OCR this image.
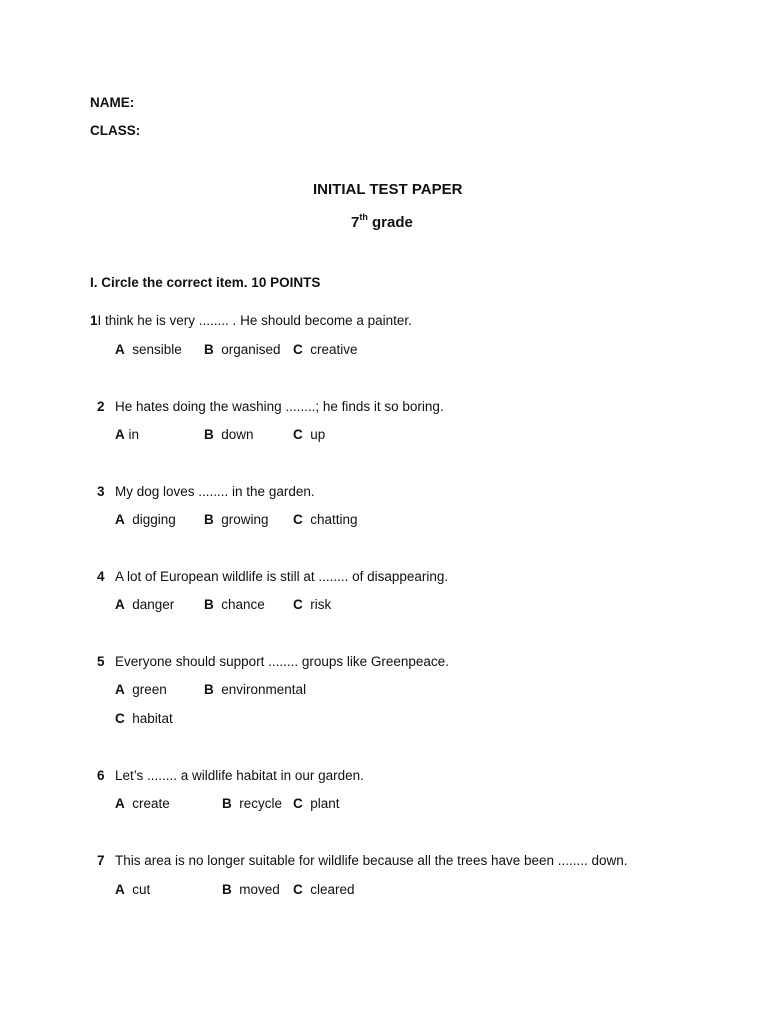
NAME:
CLASS:
INITIAL TEST PAPER
7th grade
I. Circle the correct item. 10 POINTS
1I think he is very ........ . He should become a painter.
A sensible B organised C creative
2 He hates doing the washing ........; he finds it so boring.
A in	B down	C up
3 My dog loves ........ in the garden.
A digging B growing C chatting
4 A lot of European wildlife is still at ........ of disappearing.
A danger B chance C risk
5 Everyone should support ........ groups like Greenpeace.
A green	B environmental
C habitat
6 Let’s ........ a wildlife habitat in our garden.
A create	B recycle C plant
7 This area is no longer suitable for wildlife because all the trees have been ........ down.
A cut	B moved C cleared
